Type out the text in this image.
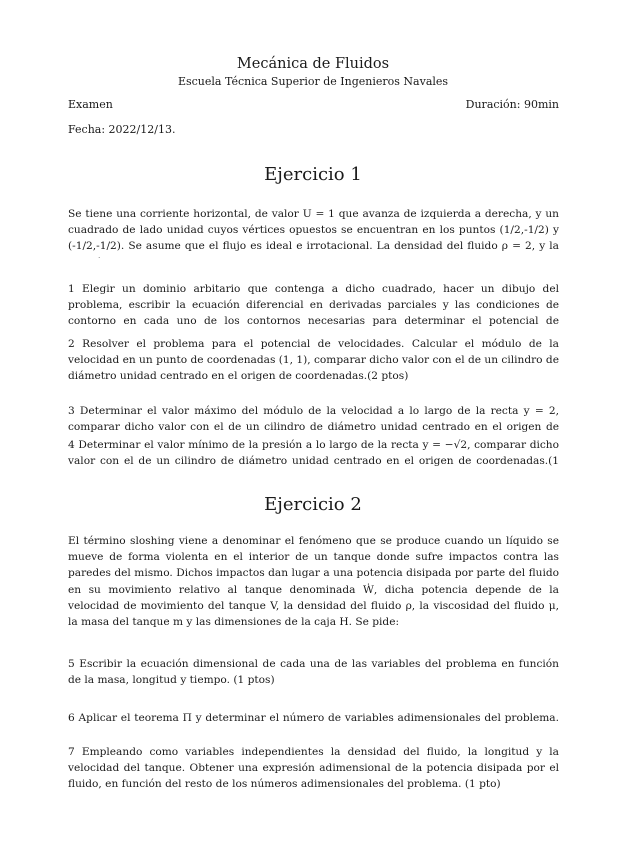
Mecánica de Fluidos
Escuela Técnica Superior de Ingenieros Navales
Examen	Duración: 90min
Fecha: 2022/12/13.
Ejercicio 1

Se tiene una corriente horizontal, de valor U = 1 que avanza de izquierda a derecha, y un cuadrado de lado unidad cuyos vértices opuestos se encuentran en los puntos (1/2,-1/2) y (-1/2,-1/2). Se asume que el flujo es ideal e irrotacional. La densidad del fluido ρ = 2, y la

1 Elegir un dominio arbitario que contenga a dicho cuadrado, hacer un dibujo del problema, escribir la ecuación diferencial en derivadas parciales y las condiciones de contorno en cada uno de los contornos necesarias para determinar el potencial de

2 Resolver el problema para el potencial de velocidades. Calcular el módulo de la velocidad en un punto de coordenadas (1, 1), comparar dicho valor con el de un cilindro de diámetro unidad centrado en el origen de coordenadas.(2 ptos)

3 Determinar el valor máximo del módulo de la velocidad a lo largo de la recta y = 2, comparar dicho valor con el de un cilindro de diámetro unidad centrado en el origen de

4 Determinar el valor mínimo de la presión a lo largo de la recta y = −√2, comparar dicho valor con el de un cilindro de diámetro unidad centrado en el origen de coordenadas.(1

Ejercicio 2

El término sloshing viene a denominar el fenómeno que se produce cuando un líquido se mueve de forma violenta en el interior de un tanque donde sufre impactos contra las paredes del mismo. Dichos impactos dan lugar a una potencia disipada por parte del fluido en su movimiento relativo al tanque denominada Ẇ, dicha potencia depende de la velocidad de movimiento del tanque V, la densidad del fluido ρ, la viscosidad del fluido μ, la masa del tanque m y las dimensiones de la caja H. Se pide:

5 Escribir la ecuación dimensional de cada una de las variables del problema en función de la masa, longitud y tiempo. (1 ptos)

6 Aplicar el teorema Π y determinar el número de variables adimensionales del problema.

7 Empleando como variables independientes la densidad del fluido, la longitud y la velocidad del tanque. Obtener una expresión adimensional de la potencia disipada por el fluido, en función del resto de los números adimensionales del problema. (1 pto)
